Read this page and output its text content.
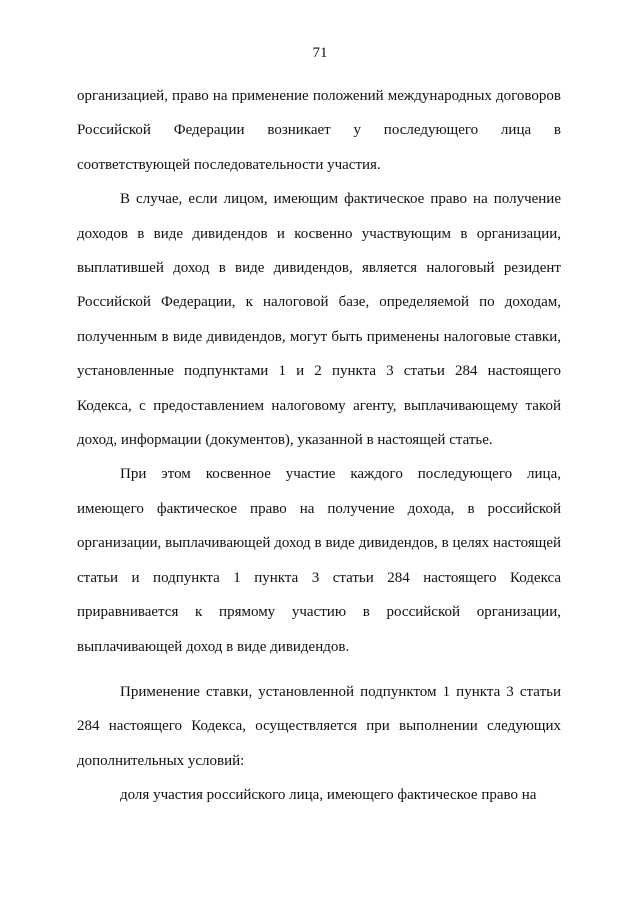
71

организацией, право на применение положений международных договоров Российской Федерации возникает у последующего лица в соответствующей последовательности участия.

В случае, если лицом, имеющим фактическое право на получение доходов в виде дивидендов и косвенно участвующим в организации, выплатившей доход в виде дивидендов, является налоговый резидент Российской Федерации, к налоговой базе, определяемой по доходам, полученным в виде дивидендов, могут быть применены налоговые ставки, установленные подпунктами 1 и 2 пункта 3 статьи 284 настоящего Кодекса, с предоставлением налоговому агенту, выплачивающему такой доход, информации (документов), указанной в настоящей статье.

При этом косвенное участие каждого последующего лица, имеющего фактическое право на получение дохода, в российской организации, выплачивающей доход в виде дивидендов, в целях настоящей статьи и подпункта 1 пункта 3 статьи 284 настоящего Кодекса приравнивается к прямому участию в российской организации, выплачивающей доход в виде дивидендов.

Применение ставки, установленной подпунктом 1 пункта 3 статьи 284 настоящего Кодекса, осуществляется при выполнении следующих дополнительных условий:

доля участия российского лица, имеющего фактическое право на
